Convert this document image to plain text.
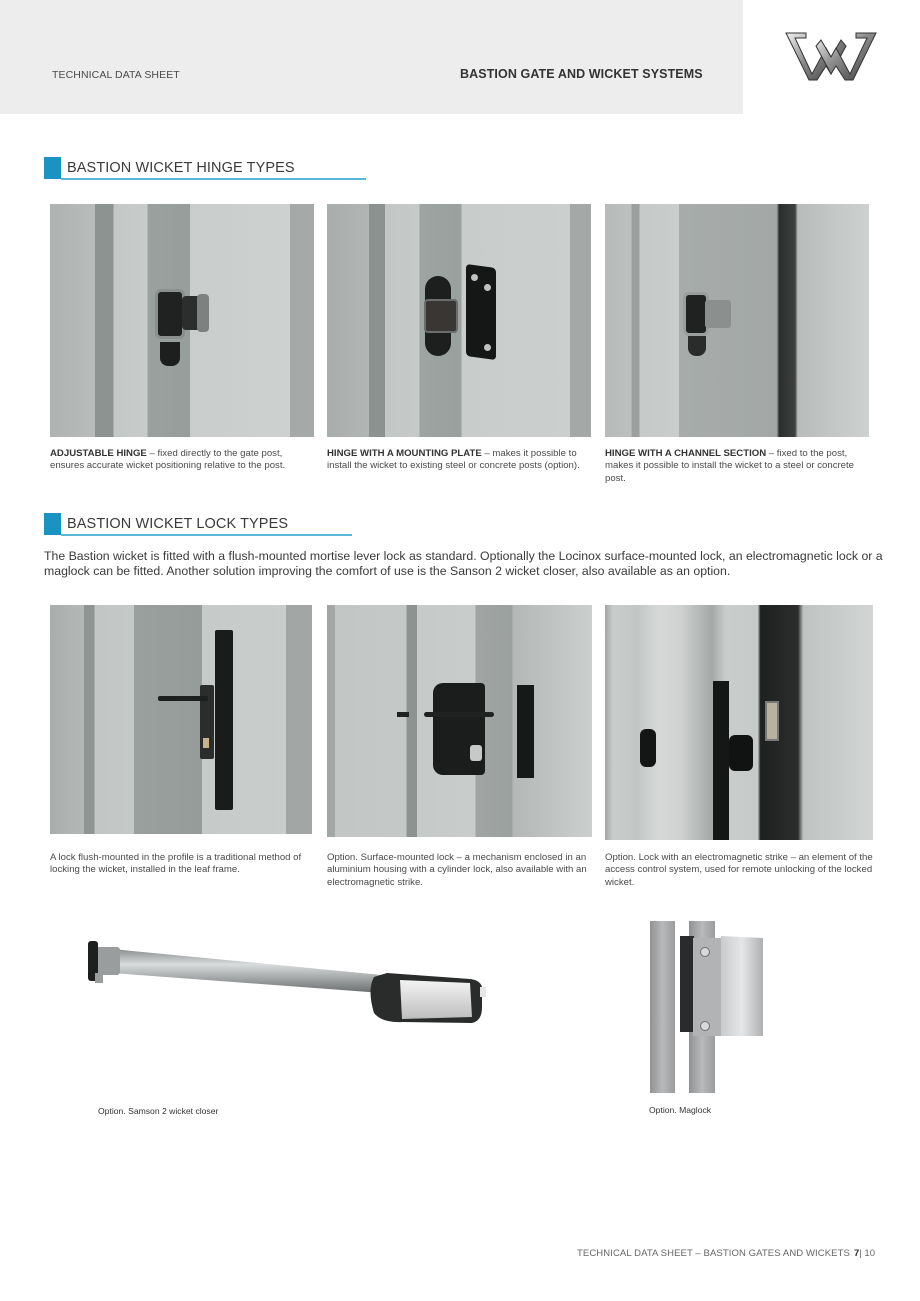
TECHNICAL DATA SHEET	BASTION GATE AND WICKET SYSTEMS
BASTION WICKET HINGE TYPES
ADJUSTABLE HINGE – fixed directly to the gate post, ensures accurate wicket positioning relative to the post.
HINGE WITH A MOUNTING PLATE – makes it possible to install the wicket to existing steel or concrete posts (option).
HINGE WITH A CHANNEL SECTION – fixed to the post, makes it possible to install the wicket to a steel or concrete post.
BASTION WICKET LOCK TYPES
The Bastion wicket is fitted with a flush-mounted mortise lever lock as standard. Optionally the Locinox surface-mounted lock, an electromagnetic lock or a maglock can be fitted. Another solution improving the comfort of use is the Sanson 2 wicket closer, also available as an option.
A lock flush-mounted in the profile is a traditional method of locking the wicket, installed in the leaf frame.
Option. Surface-mounted lock – a mechanism enclosed in an aluminium housing with a cylinder lock, also available with an electromagnetic strike.
Option. Lock with an electromagnetic strike – an element of the access control system, used for remote unlocking of the locked wicket.
Option. Samson 2 wicket closer	Option. Maglock
TECHNICAL DATA SHEET – BASTION GATES AND WICKETS 7| 10
